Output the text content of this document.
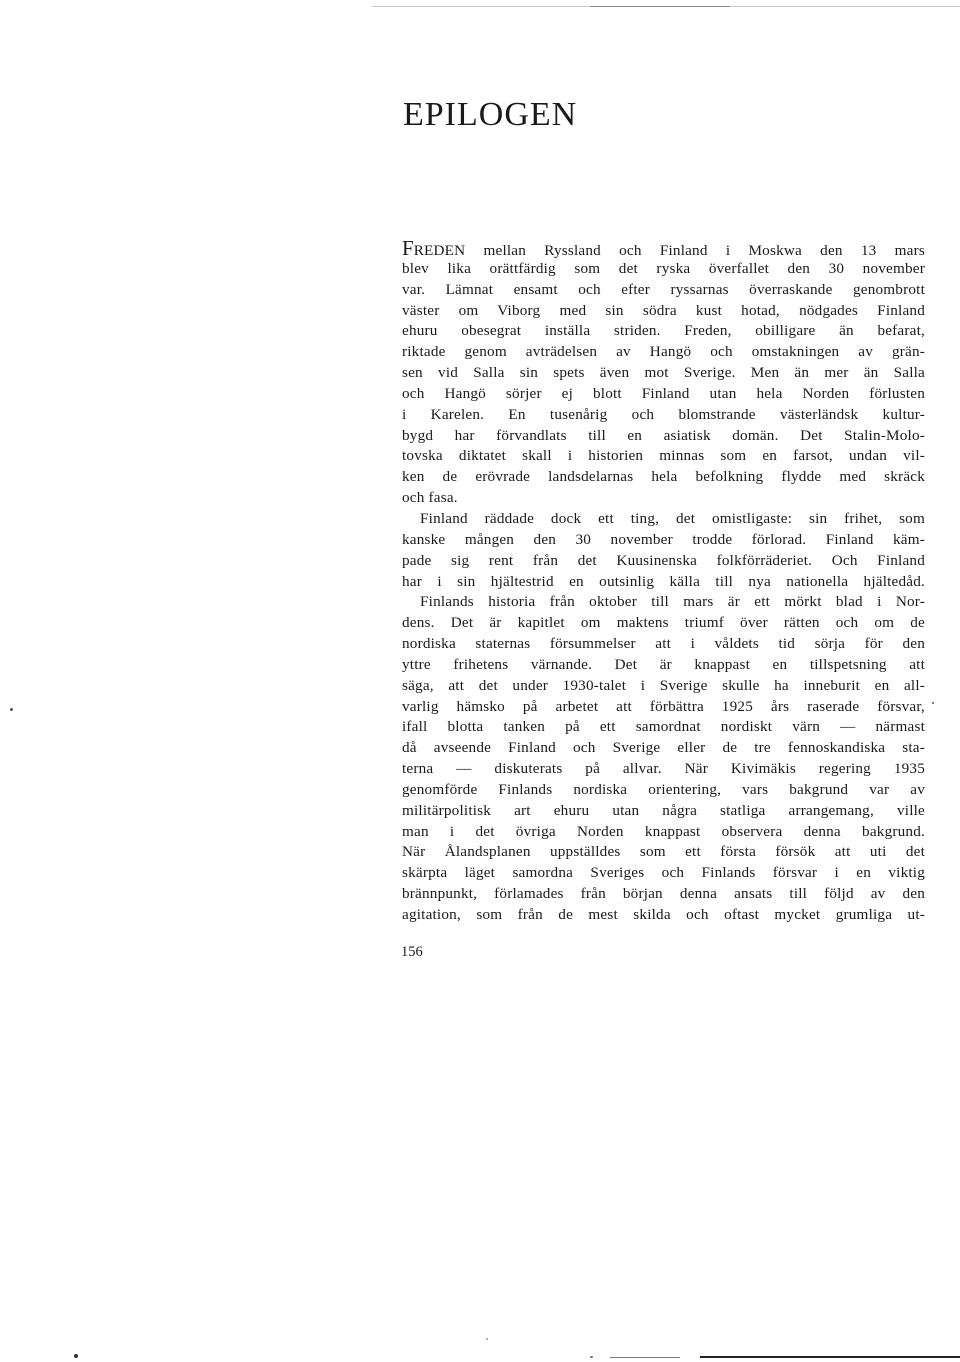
EPILOGEN
FREDEN mellan Ryssland och Finland i Moskwa den 13 mars
blev lika orättfärdig som det ryska överfallet den 30 november
var. Lämnat ensamt och efter ryssarnas överraskande genombrott
väster om Viborg med sin södra kust hotad, nödgades Finland
ehuru obesegrat inställa striden. Freden, obilligare än befarat,
riktade genom avträdelsen av Hangö och omstakningen av grän-
sen vid Salla sin spets även mot Sverige. Men än mer än Salla
och Hangö sörjer ej blott Finland utan hela Norden förlusten
i Karelen. En tusenårig och blomstrande västerländsk kultur-
bygd har förvandlats till en asiatisk domän. Det Stalin-Molo-
tovska diktatet skall i historien minnas som en farsot, undan vil-
ken de erövrade landsdelarnas hela befolkning flydde med skräck
och fasa.
Finland räddade dock ett ting, det omistligaste: sin frihet, som
kanske mången den 30 november trodde förlorad. Finland käm-
pade sig rent från det Kuusinenska folkförräderiet. Och Finland
har i sin hjältestrid en outsinlig källa till nya nationella hjältedåd.
Finlands historia från oktober till mars är ett mörkt blad i Nor-
dens. Det är kapitlet om maktens triumf över rätten och om de
nordiska staternas försummelser att i våldets tid sörja för den
yttre frihetens värnande. Det är knappast en tillspetsning att
säga, att det under 1930-talet i Sverige skulle ha inneburit en all-
varlig hämsko på arbetet att förbättra 1925 års raserade försvar,
ifall blotta tanken på ett samordnat nordiskt värn — närmast
då avseende Finland och Sverige eller de tre fennoskandiska sta-
terna — diskuterats på allvar. När Kivimäkis regering 1935
genomförde Finlands nordiska orientering, vars bakgrund var av
militärpolitisk art ehuru utan några statliga arrangemang, ville
man i det övriga Norden knappast observera denna bakgrund.
När Ålandsplanen uppställdes som ett första försök att uti det
skärpta läget samordna Sveriges och Finlands försvar i en viktig
brännpunkt, förlamades från början denna ansats till följd av den
agitation, som från de mest skilda och oftast mycket grumliga ut-
156
